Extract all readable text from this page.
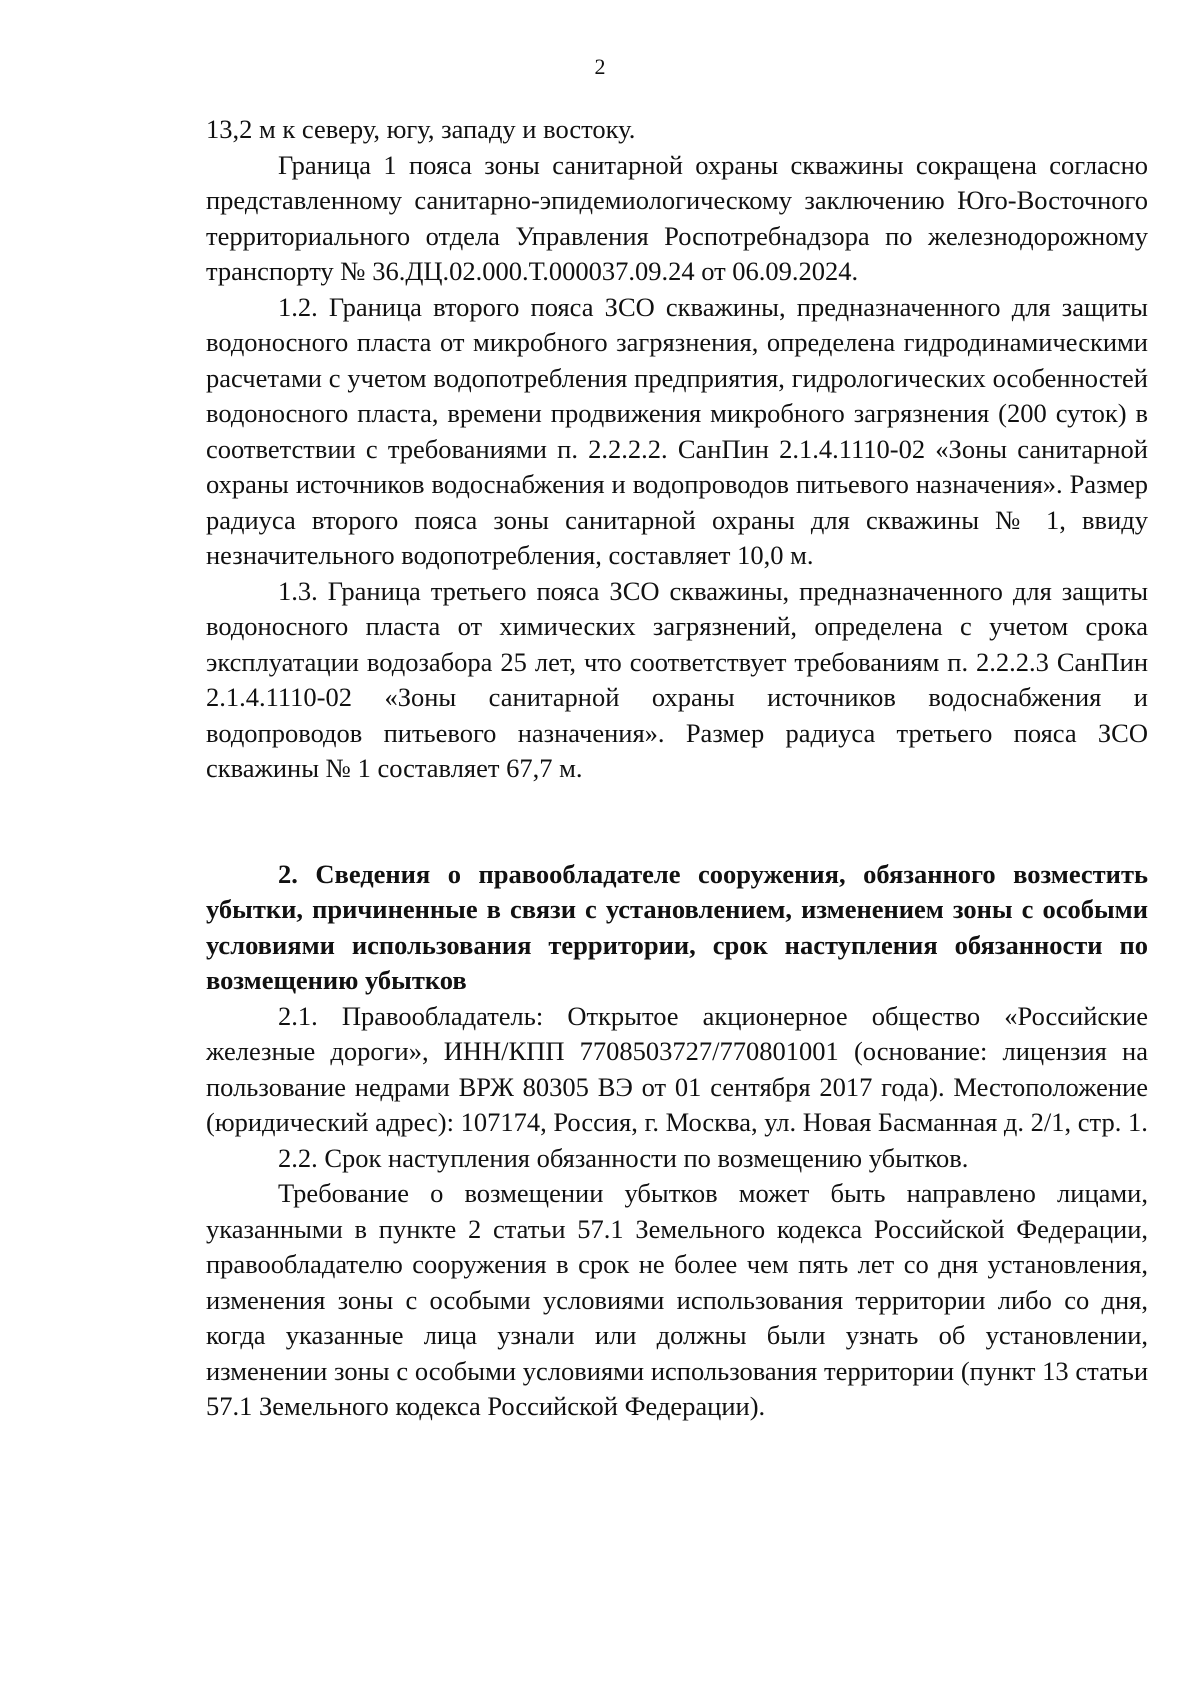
2

13,2 м к северу, югу, западу и востоку.

Граница 1 пояса зоны санитарной охраны скважины сокращена согласно представленному санитарно-эпидемиологическому заключению Юго-Восточного территориального отдела Управления Роспотребнадзора по железнодорожному транспорту № 36.ДЦ.02.000.Т.000037.09.24 от 06.09.2024.

1.2. Граница второго пояса ЗСО скважины, предназначенного для защиты водоносного пласта от микробного загрязнения, определена гидродинамическими расчетами с учетом водопотребления предприятия, гидрологических особенностей водоносного пласта, времени продвижения микробного загрязнения (200 суток) в соответствии с требованиями п. 2.2.2.2. СанПин 2.1.4.1110-02 «Зоны санитарной охраны источников водоснабжения и водопроводов питьевого назначения». Размер радиуса второго пояса зоны санитарной охраны для скважины № 1, ввиду незначительного водопотребления, составляет 10,0 м.

1.3. Граница третьего пояса ЗСО скважины, предназначенного для защиты водоносного пласта от химических загрязнений, определена с учетом срока эксплуатации водозабора 25 лет, что соответствует требованиям п. 2.2.2.3 СанПин 2.1.4.1110-02 «Зоны санитарной охраны источников водоснабжения и водопроводов питьевого назначения». Размер радиуса третьего пояса ЗСО скважины № 1 составляет 67,7 м.

2. Сведения о правообладателе сооружения, обязанного возместить убытки, причиненные в связи с установлением, изменением зоны с особыми условиями использования территории, срок наступления обязанности по возмещению убытков

2.1. Правообладатель: Открытое акционерное общество «Российские железные дороги», ИНН/КПП 7708503727/770801001 (основание: лицензия на пользование недрами ВРЖ 80305 ВЭ от 01 сентября 2017 года). Местоположение (юридический адрес): 107174, Россия, г. Москва, ул. Новая Басманная д. 2/1, стр. 1.

2.2. Срок наступления обязанности по возмещению убытков.

Требование о возмещении убытков может быть направлено лицами, указанными в пункте 2 статьи 57.1 Земельного кодекса Российской Федерации, правообладателю сооружения в срок не более чем пять лет со дня установления, изменения зоны с особыми условиями использования территории либо со дня, когда указанные лица узнали или должны были узнать об установлении, изменении зоны с особыми условиями использования территории (пункт 13 статьи 57.1 Земельного кодекса Российской Федерации).
